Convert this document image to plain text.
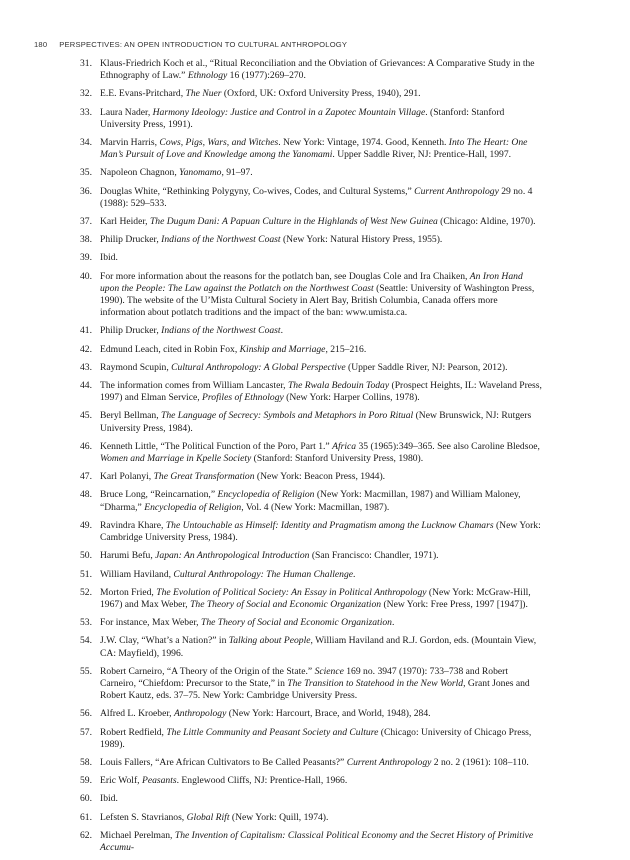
180 PERSPECTIVES: AN OPEN INTRODUCTION TO CULTURAL ANTHROPOLOGY
31. Klaus-Friedrich Koch et al., “Ritual Reconciliation and the Obviation of Grievances: A Comparative Study in the Ethnography of Law.” Ethnology 16 (1977):269–270.
32. E.E. Evans-Pritchard, The Nuer (Oxford, UK: Oxford University Press, 1940), 291.
33. Laura Nader, Harmony Ideology: Justice and Control in a Zapotec Mountain Village. (Stanford: Stanford University Press, 1991).
34. Marvin Harris, Cows, Pigs, Wars, and Witches. New York: Vintage, 1974. Good, Kenneth. Into The Heart: One Man’s Pursuit of Love and Knowledge among the Yanomami. Upper Saddle River, NJ: Prentice-Hall, 1997.
35. Napoleon Chagnon, Yanomamo, 91–97.
36. Douglas White, “Rethinking Polygyny, Co-wives, Codes, and Cultural Systems,” Current Anthropology 29 no. 4 (1988): 529–533.
37. Karl Heider, The Dugum Dani: A Papuan Culture in the Highlands of West New Guinea (Chicago: Aldine, 1970).
38. Philip Drucker, Indians of the Northwest Coast (New York: Natural History Press, 1955).
39. Ibid.
40. For more information about the reasons for the potlatch ban, see Douglas Cole and Ira Chaiken, An Iron Hand upon the People: The Law against the Potlatch on the Northwest Coast (Seattle: University of Washington Press, 1990). The website of the U’Mista Cultural Society in Alert Bay, British Columbia, Canada offers more information about potlatch traditions and the impact of the ban: www.umista.ca.
41. Philip Drucker, Indians of the Northwest Coast.
42. Edmund Leach, cited in Robin Fox, Kinship and Marriage, 215–216.
43. Raymond Scupin, Cultural Anthropology: A Global Perspective (Upper Saddle River, NJ: Pearson, 2012).
44. The information comes from William Lancaster, The Rwala Bedouin Today (Prospect Heights, IL: Waveland Press, 1997) and Elman Service, Profiles of Ethnology (New York: Harper Collins, 1978).
45. Beryl Bellman, The Language of Secrecy: Symbols and Metaphors in Poro Ritual (New Brunswick, NJ: Rutgers University Press, 1984).
46. Kenneth Little, “The Political Function of the Poro, Part 1.” Africa 35 (1965):349–365. See also Caroline Bledsoe, Women and Marriage in Kpelle Society (Stanford: Stanford University Press, 1980).
47. Karl Polanyi, The Great Transformation (New York: Beacon Press, 1944).
48. Bruce Long, “Reincarnation,” Encyclopedia of Religion (New York: Macmillan, 1987) and William Maloney, “Dharma,” Encyclopedia of Religion, Vol. 4 (New York: Macmillan, 1987).
49. Ravindra Khare, The Untouchable as Himself: Identity and Pragmatism among the Lucknow Chamars (New York: Cambridge University Press, 1984).
50. Harumi Befu, Japan: An Anthropological Introduction (San Francisco: Chandler, 1971).
51. William Haviland, Cultural Anthropology: The Human Challenge.
52. Morton Fried, The Evolution of Political Society: An Essay in Political Anthropology (New York: McGraw-Hill, 1967) and Max Weber, The Theory of Social and Economic Organization (New York: Free Press, 1997 [1947]).
53. For instance, Max Weber, The Theory of Social and Economic Organization.
54. J.W. Clay, “What’s a Nation?” in Talking about People, William Haviland and R.J. Gordon, eds. (Mountain View, CA: Mayfield), 1996.
55. Robert Carneiro, “A Theory of the Origin of the State.” Science 169 no. 3947 (1970): 733–738 and Robert Carneiro, “Chiefdom: Precursor to the State,” in The Transition to Statehood in the New World, Grant Jones and Robert Kautz, eds. 37–75. New York: Cambridge University Press.
56. Alfred L. Kroeber, Anthropology (New York: Harcourt, Brace, and World, 1948), 284.
57. Robert Redfield, The Little Community and Peasant Society and Culture (Chicago: University of Chicago Press, 1989).
58. Louis Fallers, “Are African Cultivators to Be Called Peasants?” Current Anthropology 2 no. 2 (1961): 108–110.
59. Eric Wolf, Peasants. Englewood Cliffs, NJ: Prentice-Hall, 1966.
60. Ibid.
61. Lefsten S. Stavrianos, Global Rift (New York: Quill, 1974).
62. Michael Perelman, The Invention of Capitalism: Classical Political Economy and the Secret History of Primitive Accumu-
